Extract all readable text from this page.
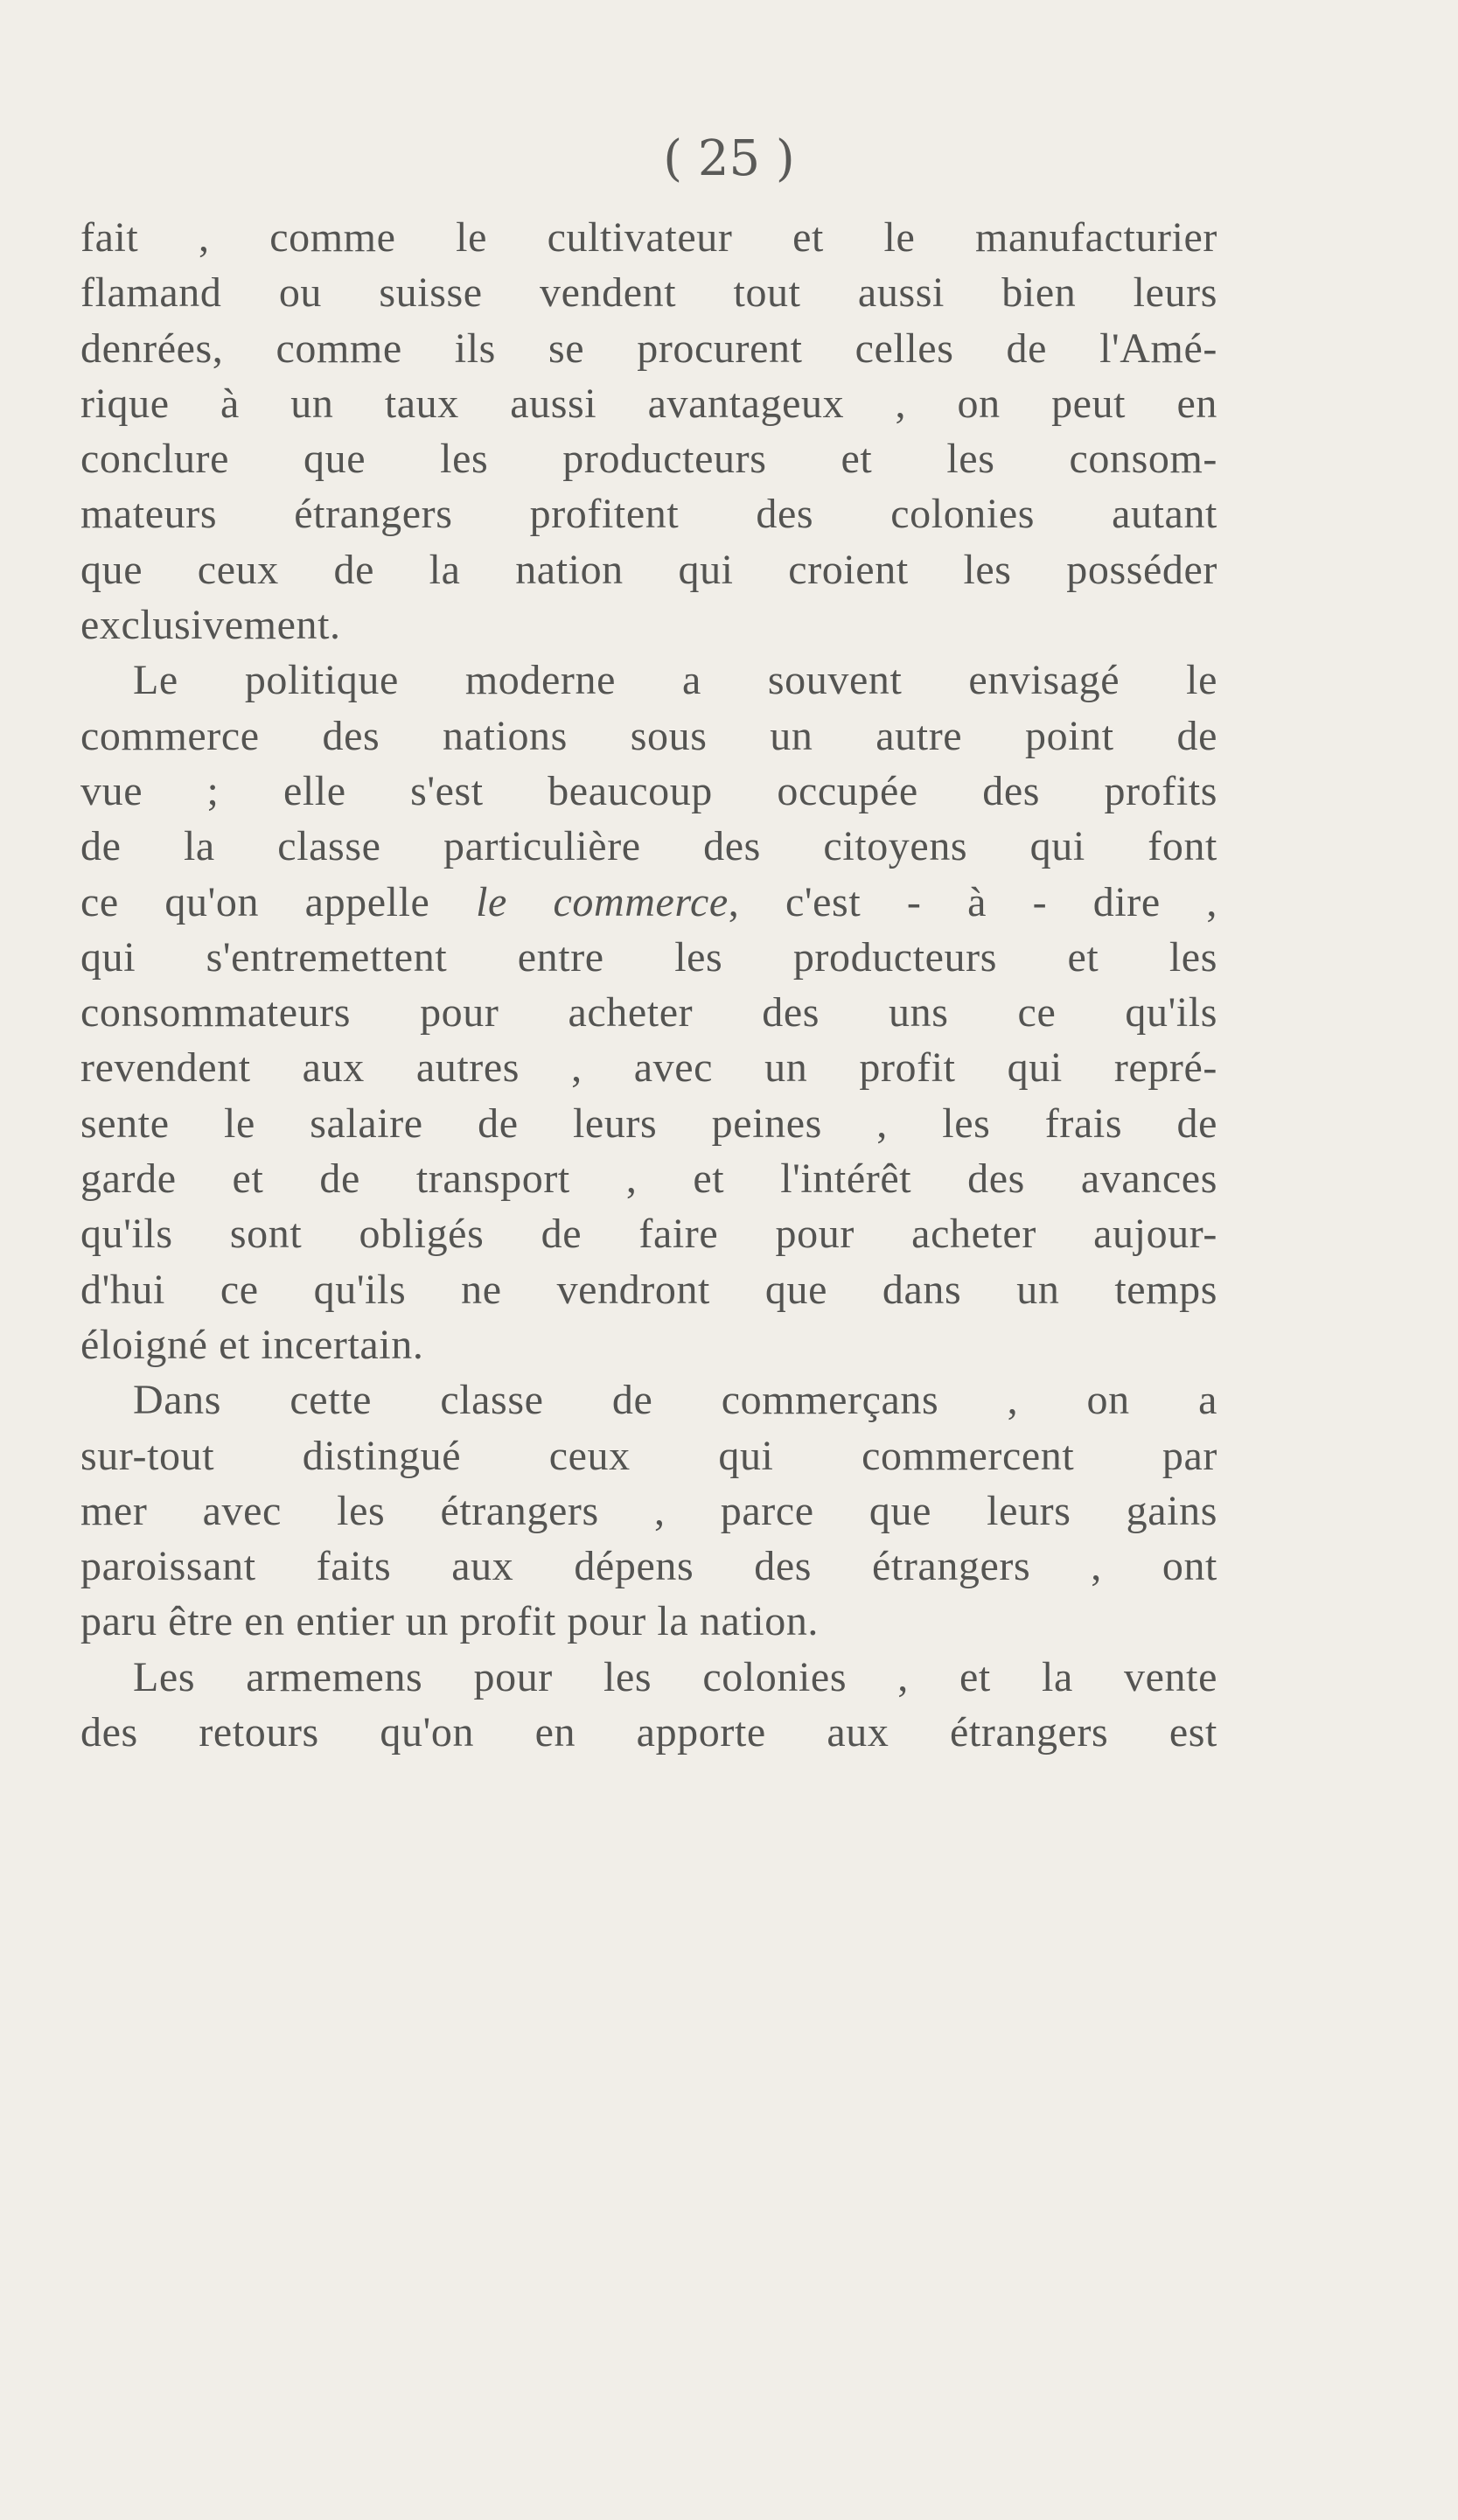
( 25 )

fait , comme le cultivateur et le manufacturier
flamand ou suisse vendent tout aussi bien leurs
denrées, comme ils se procurent celles de l'Amé-
rique à un taux aussi avantageux , on peut en
conclure que les producteurs et les consom-
mateurs étrangers profitent des colonies autant
que ceux de la nation qui croient les posséder
exclusivement.
Le politique moderne a souvent envisagé le
commerce des nations sous un autre point de
vue ; elle s'est beaucoup occupée des profits
de la classe particulière des citoyens qui font
ce qu'on appelle le commerce, c'est - à - dire ,
qui s'entremettent entre les producteurs et les
consommateurs pour acheter des uns ce qu'ils
revendent aux autres , avec un profit qui repré-
sente le salaire de leurs peines , les frais de
garde et de transport , et l'intérêt des avances
qu'ils sont obligés de faire pour acheter aujour-
d'hui ce qu'ils ne vendront que dans un temps
éloigné et incertain.
Dans cette classe de commerçans , on a
sur-tout distingué ceux qui commercent par
mer avec les étrangers , parce que leurs gains
paroissant faits aux dépens des étrangers , ont
paru être en entier un profit pour la nation.
Les armemens pour les colonies , et la vente
des retours qu'on en apporte aux étrangers est
